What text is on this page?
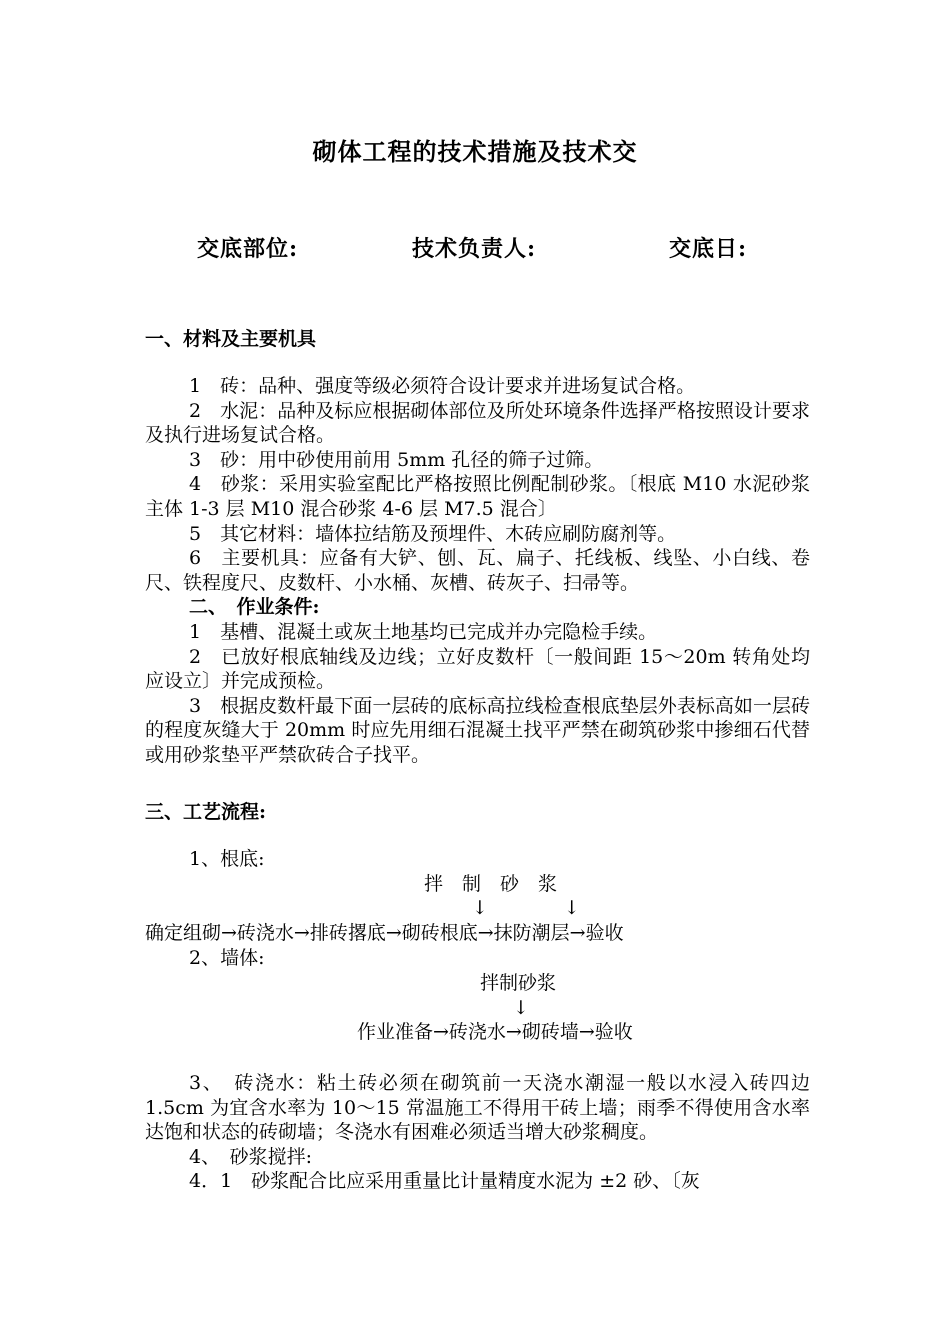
砌体工程的技术措施及技术交
交底部位:	技术负责人:	交底日:
一、材料及主要机具

1　砖：品种、强度等级必须符合设计要求并进场复试合格。

2　水泥：品种及标应根据砌体部位及所处环境条件选择严格按照设计要求及执行进场复试合格。

3　砂：用中砂使用前用 5mm 孔径的筛子过筛。

4　砂浆：采用实验室配比严格按照比例配制砂浆。〔根底 M10 水泥砂浆主体 1-3 层 M10 混合砂浆 4-6 层 M7.5 混合〕

5　其它材料：墙体拉结筋及预埋件、木砖应刷防腐剂等。

6　主要机具：应备有大铲、刨、瓦、扁子、托线板、线坠、小白线、卷尺、铁程度尺、皮数杆、小水桶、灰槽、砖灰子、扫帚等。

二、　作业条件:

1　基槽、混凝土或灰土地基均已完成并办完隐检手续。

2　已放好根底轴线及边线；立好皮数杆〔一般间距 15～20m 转角处均应设立〕并完成预检。

3　根据皮数杆最下面一层砖的底标高拉线检查根底垫层外表标高如一层砖的程度灰缝大于 20mm 时应先用细石混凝土找平严禁在砌筑砂浆中掺细石代替或用砂浆垫平严禁砍砖合子找平。

三、工艺流程:
1、根底:
拌　制　砂　浆
↓　　　　↓
确定组砌→砖浇水→排砖撂底→砌砖根底→抹防潮层→验收
2、墙体:
拌制砂浆
↓
作业准备→砖浇水→砌砖墙→验收

3、　砖浇水：粘土砖必须在砌筑前一天浇水潮湿一般以水浸入砖四边 1.5cm 为宜含水率为 10～15 常温施工不得用干砖上墙；雨季不得使用含水率达饱和状态的砖砌墙；冬浇水有困难必须适当增大砂浆稠度。

4、　砂浆搅拌:

4．1　砂浆配合比应采用重量比计量精度水泥为 ±2 砂、〔灰
